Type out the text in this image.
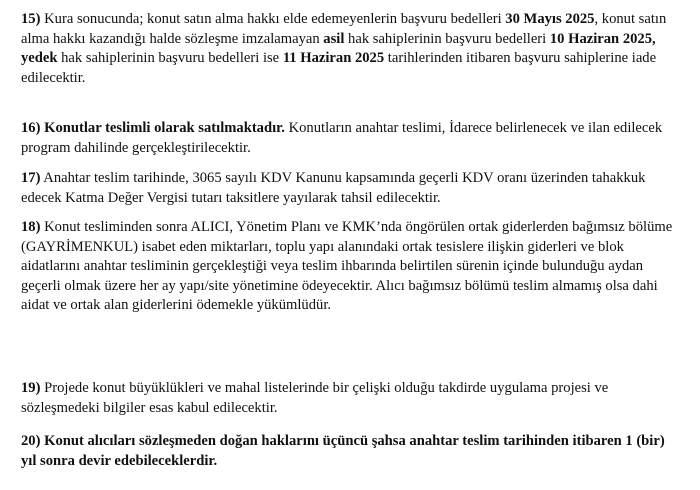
15) Kura sonucunda; konut satın alma hakkı elde edemeyenlerin başvuru bedelleri 30 Mayıs 2025, konut satın alma hakkı kazandığı halde sözleşme imzalamayan asil hak sahiplerinin başvuru bedelleri 10 Haziran 2025, yedek hak sahiplerinin başvuru bedelleri ise 11 Haziran 2025 tarihlerinden itibaren başvuru sahiplerine iade edilecektir.

16) Konutlar teslimli olarak satılmaktadır. Konutların anahtar teslimi, İdarece belirlenecek ve ilan edilecek program dahilinde gerçekleştirilecektir.

17) Anahtar teslim tarihinde, 3065 sayılı KDV Kanunu kapsamında geçerli KDV oranı üzerinden tahakkuk edecek Katma Değer Vergisi tutarı taksitlere yayılarak tahsil edilecektir.

18) Konut tesliminden sonra ALICI, Yönetim Planı ve KMK’nda öngörülen ortak giderlerden bağımsız bölüme (GAYRİMENKUL) isabet eden miktarları, toplu yapı alanındaki ortak tesislere ilişkin giderleri ve blok aidatlarını anahtar tesliminin gerçekleştiği veya teslim ihbarında belirtilen sürenin içinde bulunduğu aydan geçerli olmak üzere her ay yapı/site yönetimine ödeyecektir. Alıcı bağımsız bölümü teslim almamış olsa dahi aidat ve ortak alan giderlerini ödemekle yükümlüdür.

19) Projede konut büyüklükleri ve mahal listelerinde bir çelişki olduğu takdirde uygulama projesi ve sözleşmedeki bilgiler esas kabul edilecektir.

20) Konut alıcıları sözleşmeden doğan haklarını üçüncü şahsa anahtar teslim tarihinden itibaren 1 (bir) yıl sonra devir edebileceklerdir.
